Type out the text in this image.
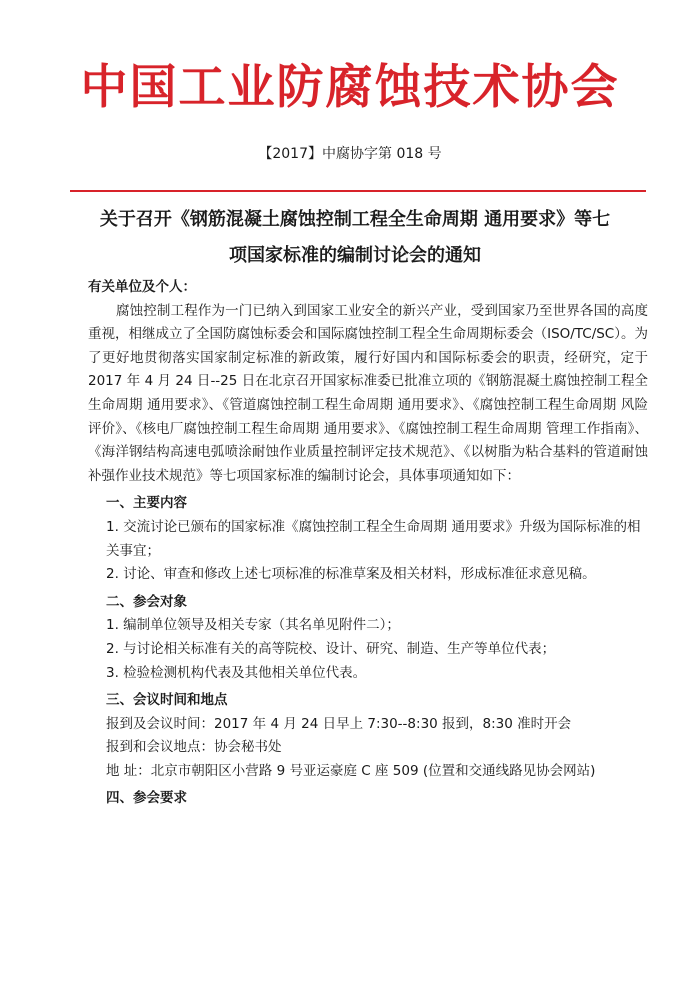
中国工业防腐蚀技术协会
【2017】中腐协字第 018 号
关于召开《钢筋混凝土腐蚀控制工程全生命周期 通用要求》等七
项国家标准的编制讨论会的通知
有关单位及个人：

腐蚀控制工程作为一门已纳入到国家工业安全的新兴产业，受到国家乃至世界各国的高度重视，相继成立了全国防腐蚀标委会和国际腐蚀控制工程全生命周期标委会（ISO/TC/SC）。为了更好地贯彻落实国家制定标准的新政策，履行好国内和国际标委会的职责，经研究，定于 2017 年 4 月 24 日--25 日在北京召开国家标准委已批准立项的《钢筋混凝土腐蚀控制工程全生命周期 通用要求》、《管道腐蚀控制工程生命周期 通用要求》、《腐蚀控制工程生命周期 风险评价》、《核电厂腐蚀控制工程生命周期 通用要求》、《腐蚀控制工程生命周期 管理工作指南》、《海洋钢结构高速电弧喷涂耐蚀作业质量控制评定技术规范》、《以树脂为粘合基料的管道耐蚀补强作业技术规范》等七项国家标准的编制讨论会，具体事项通知如下：

一、主要内容

1. 交流讨论已颁布的国家标准《腐蚀控制工程全生命周期 通用要求》升级为国际标准的相关事宜；

2. 讨论、审查和修改上述七项标准的标准草案及相关材料，形成标准征求意见稿。

二、参会对象

1. 编制单位领导及相关专家（其名单见附件二）；

2. 与讨论相关标准有关的高等院校、设计、研究、制造、生产等单位代表；

3. 检验检测机构代表及其他相关单位代表。

三、会议时间和地点
报到及会议时间：2017 年 4 月 24 日早上 7:30--8:30 报到，8:30 准时开会
报到和会议地点：协会秘书处
地 址：北京市朝阳区小营路 9 号亚运豪庭 C 座 509 (位置和交通线路见协会网站)
四、参会要求
